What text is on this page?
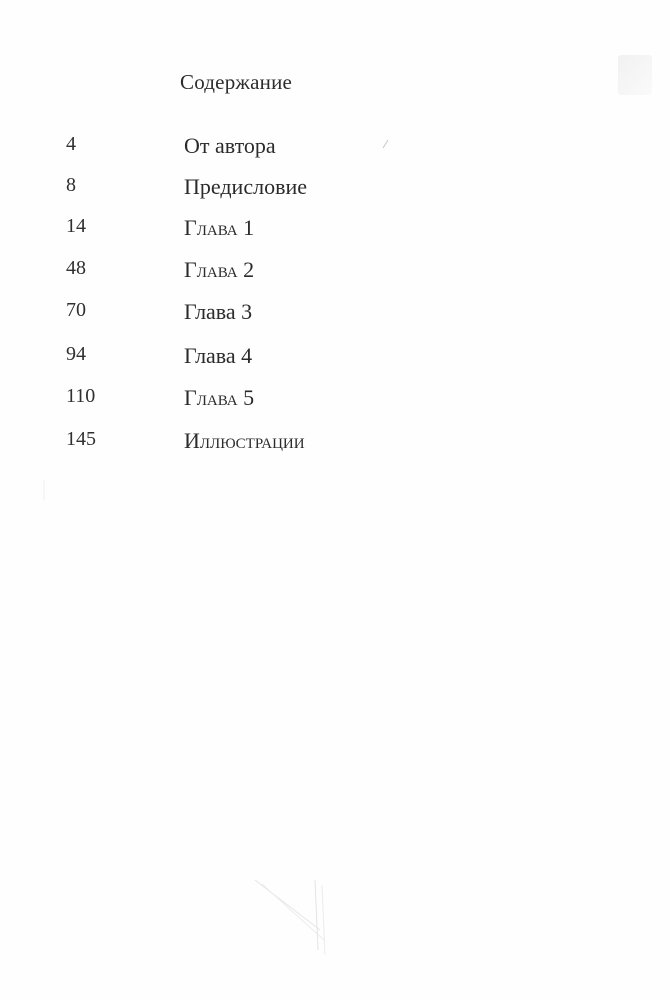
Содержание
4	От автора
8	Предисловие
14	Глава 1
48	Глава 2
70	Глава 3
94	Глава 4
110	Глава 5
145	Иллюстрации
